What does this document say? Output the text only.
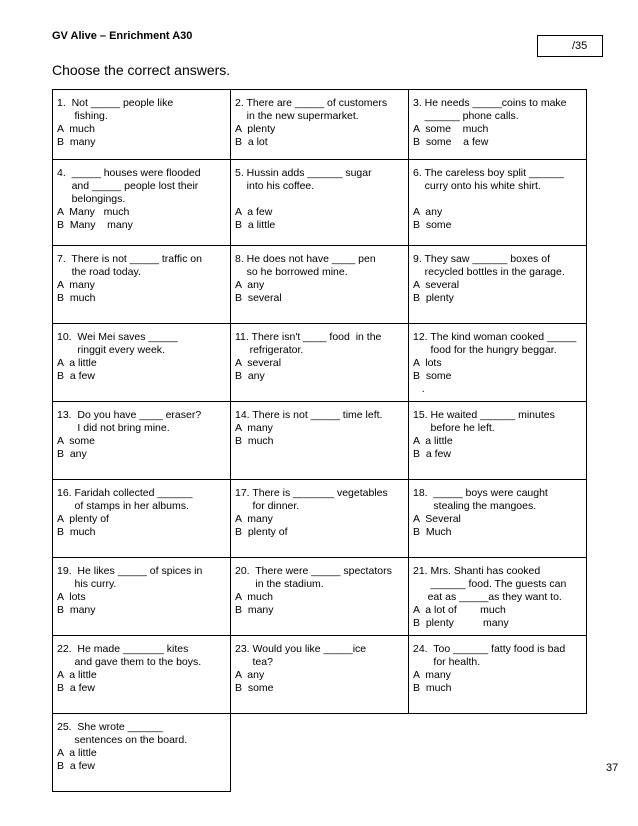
GV Alive – Enrichment A30
/35
Choose the correct answers.
1.  Not _____ people like
fishing.
A  much
B  many	2. There are _____ of customers
in the new supermarket.
A  plenty
B  a lot	3. He needs _____coins to make
______ phone calls.
A  some    much
B  some    a few

4.  _____ houses were flooded
and _____ people lost their
belongings.
A  Many   much
B  Many    many	5. Hussin adds ______ sugar
into his coffee.

A  a few
B  a little	6. The careless boy split ______
curry onto his white shirt.

A  any
B  some

7.  There is not _____ traffic on
the road today.
A  many
B  much	8. He does not have ____ pen
so he borrowed mine.
A  any
B  several	9. They saw ______ boxes of
recycled bottles in the garage.
A  several
B  plenty

10.  Wei Mei saves _____
ringgit every week.
A  a little
B  a few	11. There isn't ____ food  in the
refrigerator.
A  several
B  any	12. The kind woman cooked _____
food for the hungry beggar.
A  lots
B  some
.

13.  Do you have ____ eraser?
I did not bring mine.
A  some
B  any	14. There is not _____ time left.
A  many
B  much	15. He waited ______ minutes
before he left.
A  a little
B  a few

16. Faridah collected ______
of stamps in her albums.
A  plenty of
B  much	17. There is _______ vegetables
for dinner.
A  many
B  plenty of	18.  _____ boys were caught
stealing the mangoes.
A  Several
B  Much

19.  He likes _____ of spices in
his curry.
A  lots
B  many	20.  There were _____ spectators
in the stadium.
A  much
B  many	21. Mrs. Shanti has cooked
______ food. The guests can
eat as _____as they want to.
A  a lot of        much
B  plenty          many

22.  He made _______ kites
and gave them to the boys.
A  a little
B  a few	23. Would you like _____ice
tea?
A  any
B  some	24.  Too ______ fatty food is bad
for health.
A  many
B  much

25.  She wrote ______
sentences on the board.
A  a little
B  a few		
			37
